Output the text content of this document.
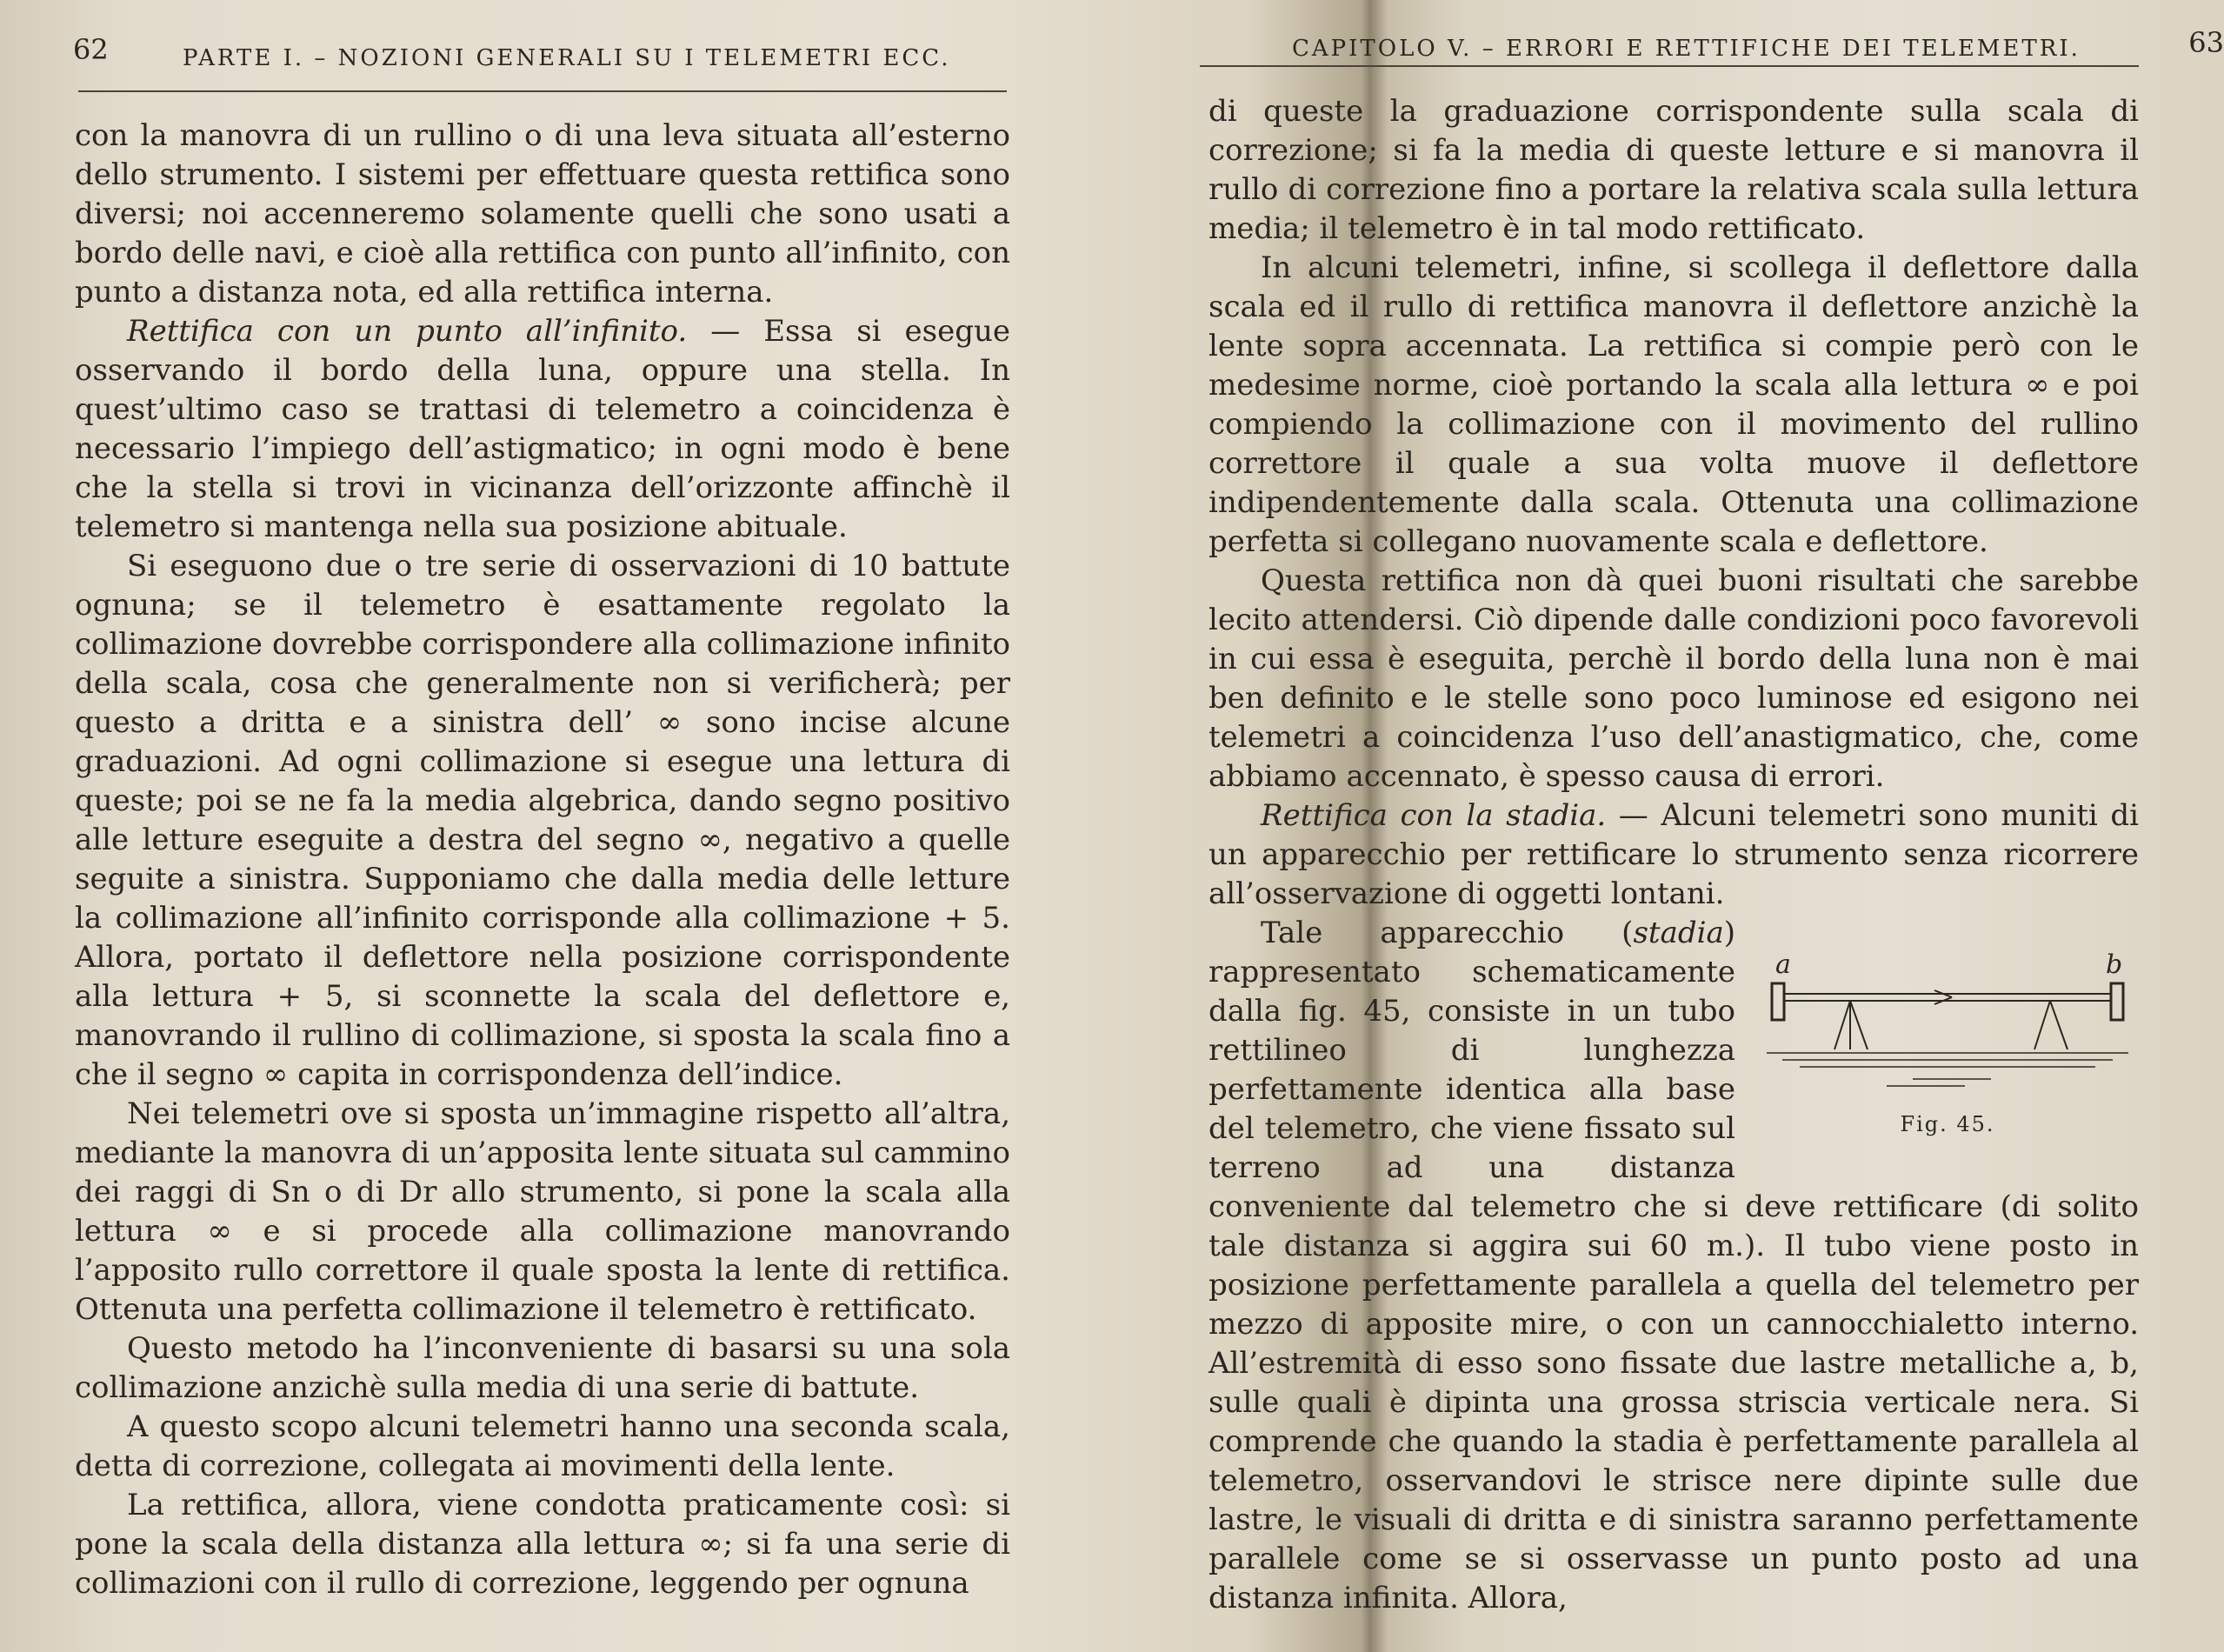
62	PARTE I. – NOZIONI GENERALI SU I TELEMETRI ECC.

con la manovra di un rullino o di una leva situata all’esterno dello strumento. I sistemi per effettuare questa rettifica sono diversi; noi accenneremo solamente quelli che sono usati a bordo delle navi, e cioè alla rettifica con punto all’infinito, con punto a distanza nota, ed alla rettifica interna.

Rettifica con un punto all’infinito. — Essa si esegue osservando il bordo della luna, oppure una stella. In quest’ultimo caso se trattasi di telemetro a coincidenza è necessario l’impiego dell’astigmatico; in ogni modo è bene che la stella si trovi in vicinanza dell’orizzonte affinchè il telemetro si mantenga nella sua posizione abituale.

Si eseguono due o tre serie di osservazioni di 10 battute ognuna; se il telemetro è esattamente regolato la collimazione dovrebbe corrispondere alla collimazione infinito della scala, cosa che generalmente non si verificherà; per questo a dritta e a sinistra dell’ ∞ sono incise alcune graduazioni. Ad ogni collimazione si esegue una lettura di queste; poi se ne fa la media algebrica, dando segno positivo alle letture eseguite a destra del segno ∞, negativo a quelle seguite a sinistra. Supponiamo che dalla media delle letture la collimazione all’infinito corrisponde alla collimazione + 5. Allora, portato il deflettore nella posizione corrispondente alla lettura + 5, si sconnette la scala del deflettore e, manovrando il rullino di collimazione, si sposta la scala fino a che il segno ∞ capita in corrispondenza dell’indice.

Nei telemetri ove si sposta un’immagine rispetto all’altra, mediante la manovra di un’apposita lente situata sul cammino dei raggi di Sn o di Dr allo strumento, si pone la scala alla lettura ∞ e si procede alla collimazione manovrando l’apposito rullo correttore il quale sposta la lente di rettifica. Ottenuta una perfetta collimazione il telemetro è rettificato.

Questo metodo ha l’inconveniente di basarsi su una sola collimazione anzichè sulla media di una serie di battute.

A questo scopo alcuni telemetri hanno una seconda scala, detta di correzione, collegata ai movimenti della lente.

La rettifica, allora, viene condotta praticamente così: si pone la scala della distanza alla lettura ∞; si fa una serie di collimazioni con il rullo di correzione, leggendo per ognuna

CAPITOLO V. – ERRORI E RETTIFICHE DEI TELEMETRI.	63

di queste la graduazione corrispondente sulla scala di correzione; si fa la media di queste letture e si manovra il rullo di correzione fino a portare la relativa scala sulla lettura media; il telemetro è in tal modo rettificato.

In alcuni telemetri, infine, si scollega il deflettore dalla scala ed il rullo di rettifica manovra il deflettore anzichè la lente sopra accennata. La rettifica si compie però con le medesime norme, cioè portando la scala alla lettura ∞ e poi compiendo la collimazione con il movimento del rullino correttore il quale a sua volta muove il deflettore indipendentemente dalla scala. Ottenuta una collimazione perfetta si collegano nuovamente scala e deflettore.

Questa rettifica non dà quei buoni risultati che sarebbe lecito attendersi. Ciò dipende dalle condizioni poco favorevoli in cui essa è eseguita, perchè il bordo della luna non è mai ben definito e le stelle sono poco luminose ed esigono nei telemetri a coincidenza l’uso dell’anastigmatico, che, come abbiamo accennato, è spesso causa di errori.

Rettifica con la stadia. — Alcuni telemetri sono muniti di un apparecchio per rettificare lo strumento senza ricorrere all’osservazione di oggetti lontani.

a	b
Fig. 45.

Tale apparecchio (stadia) rappresentato schematicamente dalla fig. 45, consiste in un tubo rettilineo di lunghezza perfettamente identica alla base del telemetro, che viene fissato sul terreno ad una distanza conveniente dal telemetro che si deve rettificare (di solito tale distanza si aggira sui 60 m.). Il tubo viene posto in posizione perfettamente parallela a quella del telemetro per mezzo di apposite mire, o con un cannocchialetto interno. All’estremità di esso sono fissate due lastre metalliche a, b, sulle quali è dipinta una grossa striscia verticale nera. Si comprende che quando la stadia è perfettamente parallela al telemetro, osservandovi le strisce nere dipinte sulle due lastre, le visuali di dritta e di sinistra saranno perfettamente parallele come se si osservasse un punto posto ad una distanza infinita. Allora,
